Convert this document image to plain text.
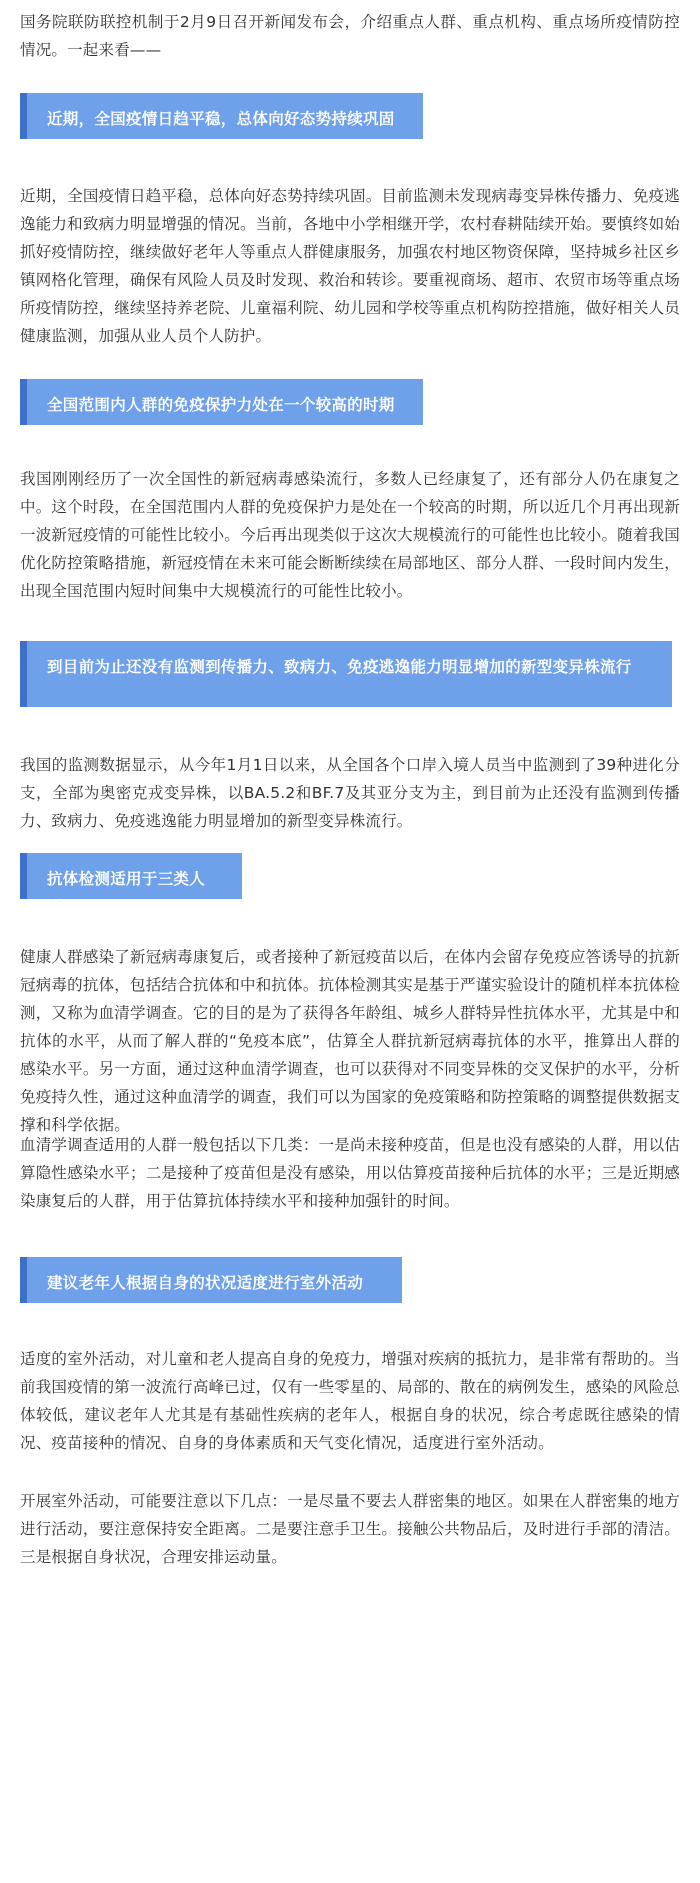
国务院联防联控机制于2月9日召开新闻发布会，介绍重点人群、重点机构、重点场所疫情防控情况。一起来看——

近期，全国疫情日趋平稳，总体向好态势持续巩固

近期，全国疫情日趋平稳，总体向好态势持续巩固。目前监测未发现病毒变异株传播力、免疫逃逸能力和致病力明显增强的情况。当前，各地中小学相继开学，农村春耕陆续开始。要慎终如始抓好疫情防控，继续做好老年人等重点人群健康服务，加强农村地区物资保障，坚持城乡社区乡镇网格化管理，确保有风险人员及时发现、救治和转诊。要重视商场、超市、农贸市场等重点场所疫情防控，继续坚持养老院、儿童福利院、幼儿园和学校等重点机构防控措施，做好相关人员健康监测，加强从业人员个人防护。

全国范围内人群的免疫保护力处在一个较高的时期

我国刚刚经历了一次全国性的新冠病毒感染流行，多数人已经康复了，还有部分人仍在康复之中。这个时段，在全国范围内人群的免疫保护力是处在一个较高的时期，所以近几个月再出现新一波新冠疫情的可能性比较小。今后再出现类似于这次大规模流行的可能性也比较小。随着我国优化防控策略措施，新冠疫情在未来可能会断断续续在局部地区、部分人群、一段时间内发生，出现全国范围内短时间集中大规模流行的可能性比较小。

到目前为止还没有监测到传播力、致病力、免疫逃逸能力明显增加的新型变异株流行

我国的监测数据显示，从今年1月1日以来，从全国各个口岸入境人员当中监测到了39种进化分支，全部为奥密克戎变异株，以BA.5.2和BF.7及其亚分支为主，到目前为止还没有监测到传播力、致病力、免疫逃逸能力明显增加的新型变异株流行。

抗体检测适用于三类人群

健康人群感染了新冠病毒康复后，或者接种了新冠疫苗以后，在体内会留存免疫应答诱导的抗新冠病毒的抗体，包括结合抗体和中和抗体。抗体检测其实是基于严谨实验设计的随机样本抗体检测，又称为血清学调查。它的目的是为了获得各年龄组、城乡人群特异性抗体水平，尤其是中和抗体的水平，从而了解人群的“免疫本底”，估算全人群抗新冠病毒抗体的水平，推算出人群的感染水平。另一方面，通过这种血清学调查，也可以获得对不同变异株的交叉保护的水平，分析免疫持久性，通过这种血清学的调查，我们可以为国家的免疫策略和防控策略的调整提供数据支撑和科学依据。

血清学调查适用的人群一般包括以下几类：一是尚未接种疫苗，但是也没有感染的人群，用以估算隐性感染水平；二是接种了疫苗但是没有感染，用以估算疫苗接种后抗体的水平；三是近期感染康复后的人群，用于估算抗体持续水平和接种加强针的时间。

建议老年人根据自身的状况适度进行室外活动

适度的室外活动，对儿童和老人提高自身的免疫力，增强对疾病的抵抗力，是非常有帮助的。当前我国疫情的第一波流行高峰已过，仅有一些零星的、局部的、散在的病例发生，感染的风险总体较低，建议老年人尤其是有基础性疾病的老年人，根据自身的状况，综合考虑既往感染的情况、疫苗接种的情况、自身的身体素质和天气变化情况，适度进行室外活动。

开展室外活动，可能要注意以下几点：一是尽量不要去人群密集的地区。如果在人群密集的地方进行活动，要注意保持安全距离。二是要注意手卫生。接触公共物品后，及时进行手部的清洁。三是根据自身状况，合理安排运动量。
